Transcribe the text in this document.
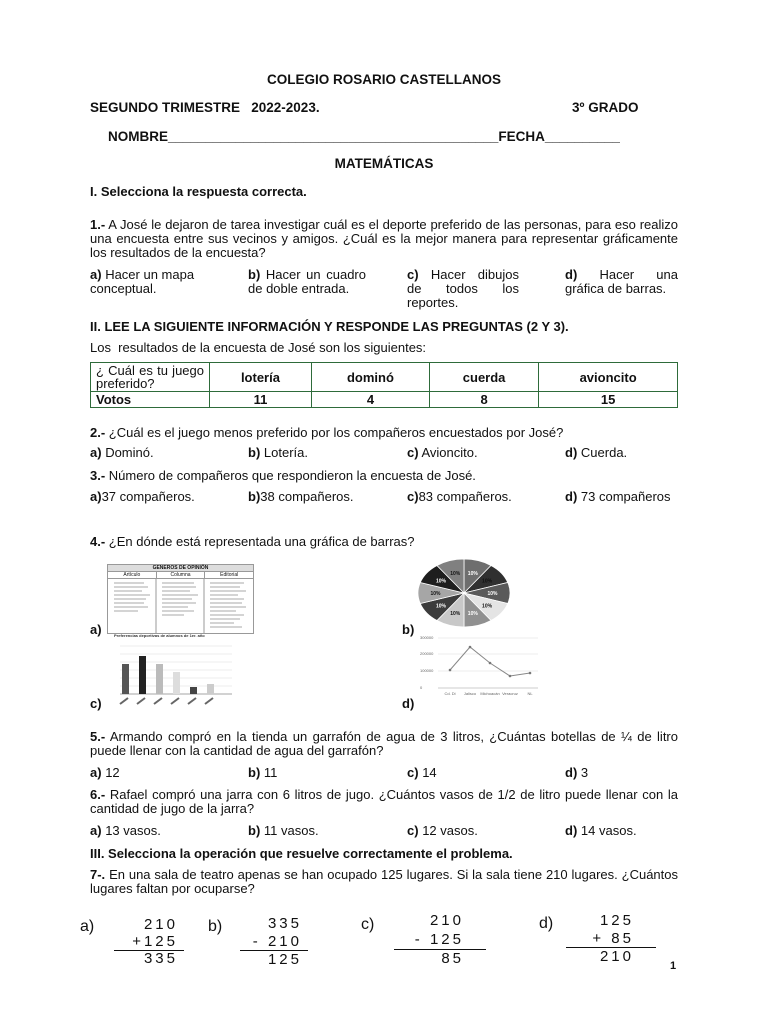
COLEGIO ROSARIO CASTELLANOS
SEGUNDO TRIMESTRE   2022-2023.	3º GRADO
NOMBRE____________________________________________FECHA__________
MATEMÁTICAS
I. Selecciona la respuesta correcta.
1.- A José le dejaron de tarea investigar cuál es el deporte preferido de las personas, para eso realizo una encuesta entre sus vecinos y amigos. ¿Cuál es la mejor manera para representar gráficamente los resultados de la encuesta?
a) Hacer un mapa conceptual.
b) Hacer un cuadro de doble entrada.
c) Hacer dibujos de todos los reportes.
d) Hacer una gráfica de barras.
II. LEE LA SIGUIENTE INFORMACIÓN Y RESPONDE LAS PREGUNTAS (2 Y 3).
Los  resultados de la encuesta de José son los siguientes:
¿ Cuál es tu juego preferido?	lotería	dominó	cuerda	avioncito
Votos	11	4	8	15
2.- ¿Cuál es el juego menos preferido por los compañeros encuestados por José?
a) Dominó.	b) Lotería.	c) Avioncito.	d) Cuerda.
3.- Número de compañeros que respondieron la encuesta de José.
a)37 compañeros.	b)38 compañeros.	c)83 compañeros.	d) 73 compañeros
4.- ¿En dónde está representada una gráfica de barras?
a)
GENEROS DE OPINIÓN
Artículo	Columna	Editorial
b)
10%
10%
10%
10%
10%
10%
10%
10%
10%
10%
c)
Preferencias deportivas de alumnos de 1er. año
d)
300000
200000
100000
0
Cd. Di Jalisco Michoacán Veracruz NL
5.- Armando compró en la tienda un garrafón de agua de 3 litros, ¿Cuántas botellas de ¼ de litro puede llenar con la cantidad de agua del garrafón?
a) 12	b) 11	c) 14	d) 3
6.- Rafael compró una jarra con 6 litros de jugo. ¿Cuántos vasos de 1/2 de litro puede llenar con la cantidad de jugo de la jarra?
a) 13 vasos.	b) 11 vasos.	c) 12 vasos.	d) 14 vasos.
III. Selecciona la operación que resuelve correctamente el problema.
7-. En una sala de teatro apenas se han ocupado 125 lugares. Si la sala tiene 210 lugares. ¿Cuántos lugares faltan por ocuparse?
a)	210
+125
335
b)	335
- 210
125
c)	210
- 125
85
d)	125
+ 85
210
1
